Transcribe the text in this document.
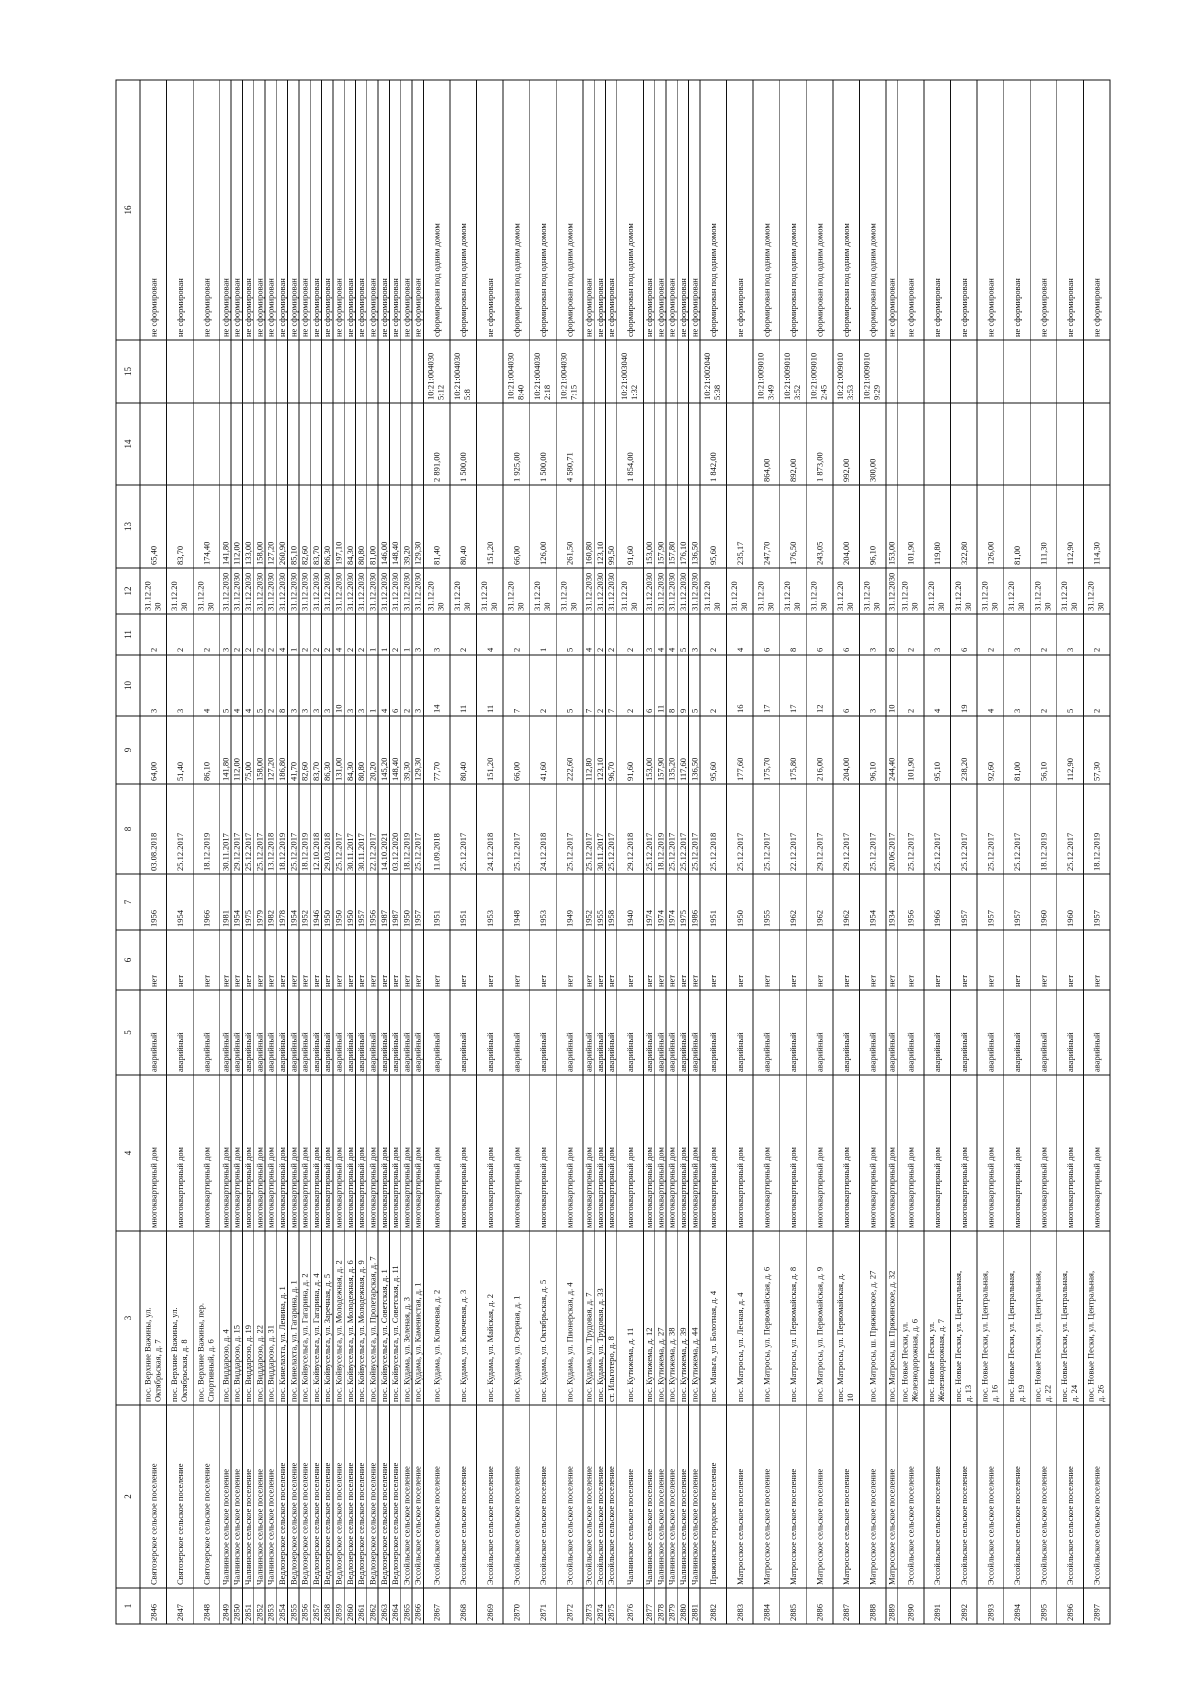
1
2
3
4
5
6
7
8
9
10
11
12
13
14
15
16
2846
Святозерское сельское поселение
пос. Верхние Важины, ул.Октябрьская, д. 7
многоквартирный дом
аварийный
нет
1956
03.08.2018
64,00
3
2
31.12.2030
65,40
не сформирован
2847
Святозерское сельское поселение
пос. Верхние Важины, ул.Октябрьская, д. 8
многоквартирный дом
аварийный
нет
1954
25.12.2017
51,40
3
2
31.12.2030
83,70
не сформирован
2848
Святозерское сельское поселение
пос. Верхние Важины, пер.Спортивный, д. 6
многоквартирный дом
аварийный
нет
1966
18.12.2019
86,10
4
2
31.12.2030
174,40
не сформирован
2849
Чалнинское сельское поселение
пос. Виддарозо, д. 4
многоквартирный дом
аварийный
нет
1981
30.11.2017
141,80
5
3
31.12.2030
141,80
не сформирован
2850
Чалнинское сельское поселение
пос. Виддарозо, д. 15
многоквартирный дом
аварийный
нет
1954
29.12.2017
112,00
4
2
31.12.2030
112,00
не сформирован
2851
Чалнинское сельское поселение
пос. Виддарозо, д. 19
многоквартирный дом
аварийный
нет
1975
25.12.2017
75,00
4
2
31.12.2030
133,00
не сформирован
2852
Чалнинское сельское поселение
пос. Виддарозо, д. 22
многоквартирный дом
аварийный
нет
1979
25.12.2017
158,00
5
2
31.12.2030
158,00
не сформирован
2853
Чалнинское сельское поселение
пос. Виддарозо, д. 31
многоквартирный дом
аварийный
нет
1982
13.12.2018
127,20
2
2
31.12.2030
127,20
не сформирован
2854
Ведлозерское сельское поселение
пос. Кинелахта, ул. Ленина, д. 1
многоквартирный дом
аварийный
нет
1978
18.12.2019
186,80
8
4
31.12.2030
260,90
не сформирован
2855
Ведлозерское сельское поселение
пос. Кинелахта, ул. Гагарина, д. 1
многоквартирный дом
аварийный
нет
1954
25.12.2017
41,70
3
1
31.12.2030
85,10
не сформирован
2856
Ведлозерское сельское поселение
пос. Койвусельга, ул. Гагарина, д. 2
многоквартирный дом
аварийный
нет
1952
18.12.2019
82,60
3
2
31.12.2030
82,60
не сформирован
2857
Ведлозерское сельское поселение
пос. Койвусельга, ул. Гагарина, д. 4
многоквартирный дом
аварийный
нет
1946
12.10.2018
83,70
3
2
31.12.2030
83,70
не сформирован
2858
Ведлозерское сельское поселение
пос. Койвусельга, ул. Заречная, д. 5
многоквартирный дом
аварийный
нет
1950
29.03.2018
86,30
3
2
31.12.2030
86,30
не сформирован
2859
Ведлозерское сельское поселение
пос. Койвусельга, ул. Молодежная, д. 2
многоквартирный дом
аварийный
нет
1950
25.12.2017
131,00
10
4
31.12.2030
197,10
не сформирован
2860
Ведлозерское сельское поселение
пос. Койвусельга, ул. Молодежная, д. 6
многоквартирный дом
аварийный
нет
1950
30.11.2017
84,30
3
2
31.12.2030
84,30
не сформирован
2861
Ведлозерское сельское поселение
пос. Койвусельга, ул. Молодежная, д. 9
многоквартирный дом
аварийный
нет
1957
30.11.2017
80,80
3
2
31.12.2030
80,80
не сформирован
2862
Ведлозерское сельское поселение
пос. Койвусельга, ул. Пролетарская, д. 7
многоквартирный дом
аварийный
нет
1956
22.12.2017
20,20
1
1
31.12.2030
81,00
не сформирован
2863
Ведлозерское сельское поселение
пос. Койвусельга, ул. Советская, д. 1
многоквартирный дом
аварийный
нет
1987
14.10.2021
145,20
4
1
31.12.2030
146,00
не сформирован
2864
Ведлозерское сельское поселение
пос. Койвусельга, ул. Советская, д. 11
многоквартирный дом
аварийный
нет
1987
03.12.2020
148,40
6
2
31.12.2030
148,40
не сформирован
2865
Эссойльское сельское поселение
пос. Кудама, ул. Зеленая, д. 3
многоквартирный дом
аварийный
нет
1950
18.12.2019
39,30
2
1
31.12.2030
39,20
не сформирован
2866
Эссойльское сельское поселение
пос. Кудама, ул. Каменистая, д. 1
многоквартирный дом
аварийный
нет
1957
25.12.2017
129,30
3
3
31.12.2030
129,30
не сформирован
2867
Эссойльское сельское поселение
пос. Кудама, ул. Ключевая, д. 2
многоквартирный дом
аварийный
нет
1951
11.09.2018
77,70
14
3
31.12.2030
81,40
2 891,00
10:21:0040305:12
сформирован под одним домом
2868
Эссойльское сельское поселение
пос. Кудама, ул. Ключевая, д. 3
многоквартирный дом
аварийный
нет
1951
25.12.2017
80,40
11
2
31.12.2030
80,40
1 500,00
10:21:0040305:8
сформирован под одним домом
2869
Эссойльское сельское поселение
пос. Кудама, ул. Майская, д. 2
многоквартирный дом
аварийный
нет
1953
24.12.2018
151,20
11
4
31.12.2030
151,20
не сформирован
2870
Эссойльское сельское поселение
пос. Кудама, ул. Озерная, д. 1
многоквартирный дом
аварийный
нет
1948
25.12.2017
66,00
7
2
31.12.2030
66,00
1 925,00
10:21:0040308:40
сформирован под одним домом
2871
Эссойльское сельское поселение
пос. Кудама, ул. Октябрьская, д. 5
многоквартирный дом
аварийный
нет
1953
24.12.2018
41,60
2
1
31.12.2030
126,00
1 500,00
10:21:0040302:18
сформирован под одним домом
2872
Эссойльское сельское поселение
пос. Кудама, ул. Пионерская, д. 4
многоквартирный дом
аварийный
нет
1949
25.12.2017
222,60
5
5
31.12.2030
261,50
4 580,71
10:21:0040307:15
сформирован под одним домом
2873
Эссойльское сельское поселение
пос. Кудама, ул. Трудовая, д. 7
многоквартирный дом
аварийный
нет
1952
25.12.2017
112,80
7
4
31.12.2030
160,80
не сформирован
2874
Эссойльское сельское поселение
пос. Кудама, ул. Трудовая, д. 33
многоквартирный дом
аварийный
нет
1955
30.11.2017
123,10
2
2
31.12.2030
123,10
не сформирован
2875
Эссойльское сельское поселение
ст. Ильготеро, д. 8
многоквартирный дом
аварийный
нет
1958
25.12.2017
96,70
7
2
31.12.2030
99,50
не сформирован
2876
Чалнинское сельское поселение
пос. Кутижема, д. 11
многоквартирный дом
аварийный
нет
1940
29.12.2018
91,60
2
2
31.12.2030
91,60
1 854,00
10:21:0030401:32
сформирован под одним домом
2877
Чалнинское сельское поселение
пос. Кутижема, д. 12
многоквартирный дом
аварийный
нет
1974
25.12.2017
153,00
6
3
31.12.2030
153,00
не сформирован
2878
Чалнинское сельское поселение
пос. Кутижема, д. 27
многоквартирный дом
аварийный
нет
1974
18.12.2019
157,90
11
4
31.12.2030
157,90
не сформирован
2879
Чалнинское сельское поселение
пос. Кутижема, д. 38
многоквартирный дом
аварийный
нет
1974
25.12.2017
135,20
8
4
31.12.2030
157,80
не сформирован
2880
Чалнинское сельское поселение
пос. Кутижема, д. 39
многоквартирный дом
аварийный
нет
1975
25.12.2017
117,60
9
5
31.12.2030
176,10
не сформирован
2881
Чалнинское сельское поселение
пос. Кутижема, д. 44
многоквартирный дом
аварийный
нет
1986
25.12.2017
136,50
5
3
31.12.2030
136,50
не сформирован
2882
Пряжинское городское поселение
пос. Маньга, ул. Болотная, д. 4
многоквартирный дом
аварийный
нет
1951
25.12.2018
95,60
2
2
31.12.2030
95,60
1 842,00
10:21:0020405:38
сформирован под одним домом
2883
Матросское сельское поселение
пос. Матросы, ул. Лесная, д. 4
многоквартирный дом
аварийный
нет
1950
25.12.2017
177,60
16
4
31.12.2030
235,17
не сформирован
2884
Матросское сельское поселение
пос. Матросы, ул. Первомайская, д. 6
многоквартирный дом
аварийный
нет
1955
25.12.2017
175,70
17
6
31.12.2030
247,70
864,00
10:21:0090103:49
сформирован под одним домом
2885
Матросское сельское поселение
пос. Матросы, ул. Первомайская, д. 8
многоквартирный дом
аварийный
нет
1962
22.12.2017
175,80
17
8
31.12.2030
176,50
892,00
10:21:0090103:52
сформирован под одним домом
2886
Матросское сельское поселение
пос. Матросы, ул. Первомайская, д. 9
многоквартирный дом
аварийный
нет
1962
29.12.2017
216,00
12
6
31.12.2030
243,05
1 873,00
10:21:0090102:45
сформирован под одним домом
2887
Матросское сельское поселение
пос. Матросы, ул. Первомайская, д.10
многоквартирный дом
аварийный
нет
1962
29.12.2017
204,00
6
6
31.12.2030
204,00
992,00
10:21:0090103:53
сформирован под одним домом
2888
Матросское сельское поселение
пос. Матросы, ш. Пряжинское, д. 27
многоквартирный дом
аварийный
нет
1954
25.12.2017
96,10
3
3
31.12.2030
96,10
300,00
10:21:0090109:29
сформирован под одним домом
2889
Матросское сельское поселение
пос. Матросы, ш. Пряжинское, д. 32
многоквартирный дом
аварийный
нет
1934
20.06.2017
244,40
10
8
31.12.2030
153,00
не сформирован
2890
Эссойльское сельское поселение
пос. Новые Пески, ул.Железнодорожная, д. 6
многоквартирный дом
аварийный
нет
1956
25.12.2017
101,90
2
2
31.12.2030
101,90
не сформирован
2891
Эссойльское сельское поселение
пос. Новые Пески, ул.Железнодорожная, д. 7
многоквартирный дом
аварийный
нет
1966
25.12.2017
95,10
4
3
31.12.2030
119,80
не сформирован
2892
Эссойльское сельское поселение
пос. Новые Пески, ул. Центральная,д. 13
многоквартирный дом
аварийный
нет
1957
25.12.2017
238,20
19
6
31.12.2030
322,80
не сформирован
2893
Эссойльское сельское поселение
пос. Новые Пески, ул. Центральная,д. 16
многоквартирный дом
аварийный
нет
1957
25.12.2017
92,60
4
2
31.12.2030
126,00
не сформирован
2894
Эссойльское сельское поселение
пос. Новые Пески, ул. Центральная,д. 19
многоквартирный дом
аварийный
нет
1957
25.12.2017
81,00
3
3
31.12.2030
81,00
не сформирован
2895
Эссойльское сельское поселение
пос. Новые Пески, ул. Центральная,д. 22
многоквартирный дом
аварийный
нет
1960
18.12.2019
56,10
2
2
31.12.2030
111,30
не сформирован
2896
Эссойльское сельское поселение
пос. Новые Пески, ул. Центральная,д. 24
многоквартирный дом
аварийный
нет
1960
25.12.2017
112,90
5
3
31.12.2030
112,90
не сформирован
2897
Эссойльское сельское поселение
пос. Новые Пески, ул. Центральная,д. 26
многоквартирный дом
аварийный
нет
1957
18.12.2019
57,30
2
2
31.12.2030
114,30
не сформирован
